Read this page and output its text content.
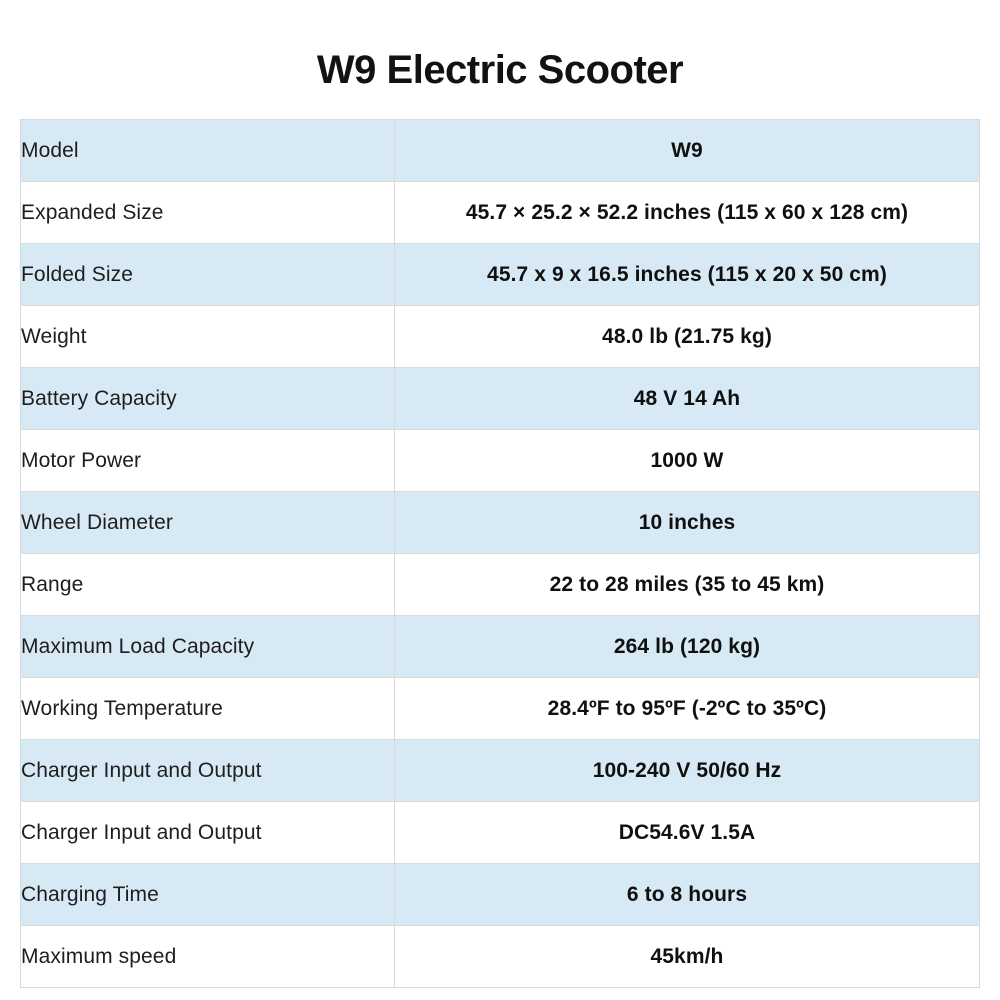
W9 Electric Scooter
Model	W9
Expanded Size	45.7 × 25.2 × 52.2 inches (115 x 60 x 128 cm)
Folded Size	45.7 x 9 x 16.5 inches (115 x 20 x 50 cm)
Weight	48.0 lb (21.75 kg)
Battery Capacity	48 V 14 Ah
Motor Power	1000 W
Wheel Diameter	10 inches
Range	22 to 28 miles (35 to 45 km)
Maximum Load Capacity	264 lb (120 kg)
Working Temperature	28.4ºF to 95ºF (-2ºC to 35ºC)
Charger Input and Output	100-240 V 50/60 Hz
Charger Input and Output	DC54.6V 1.5A
Charging Time	6 to 8 hours
Maximum speed	45km/h
